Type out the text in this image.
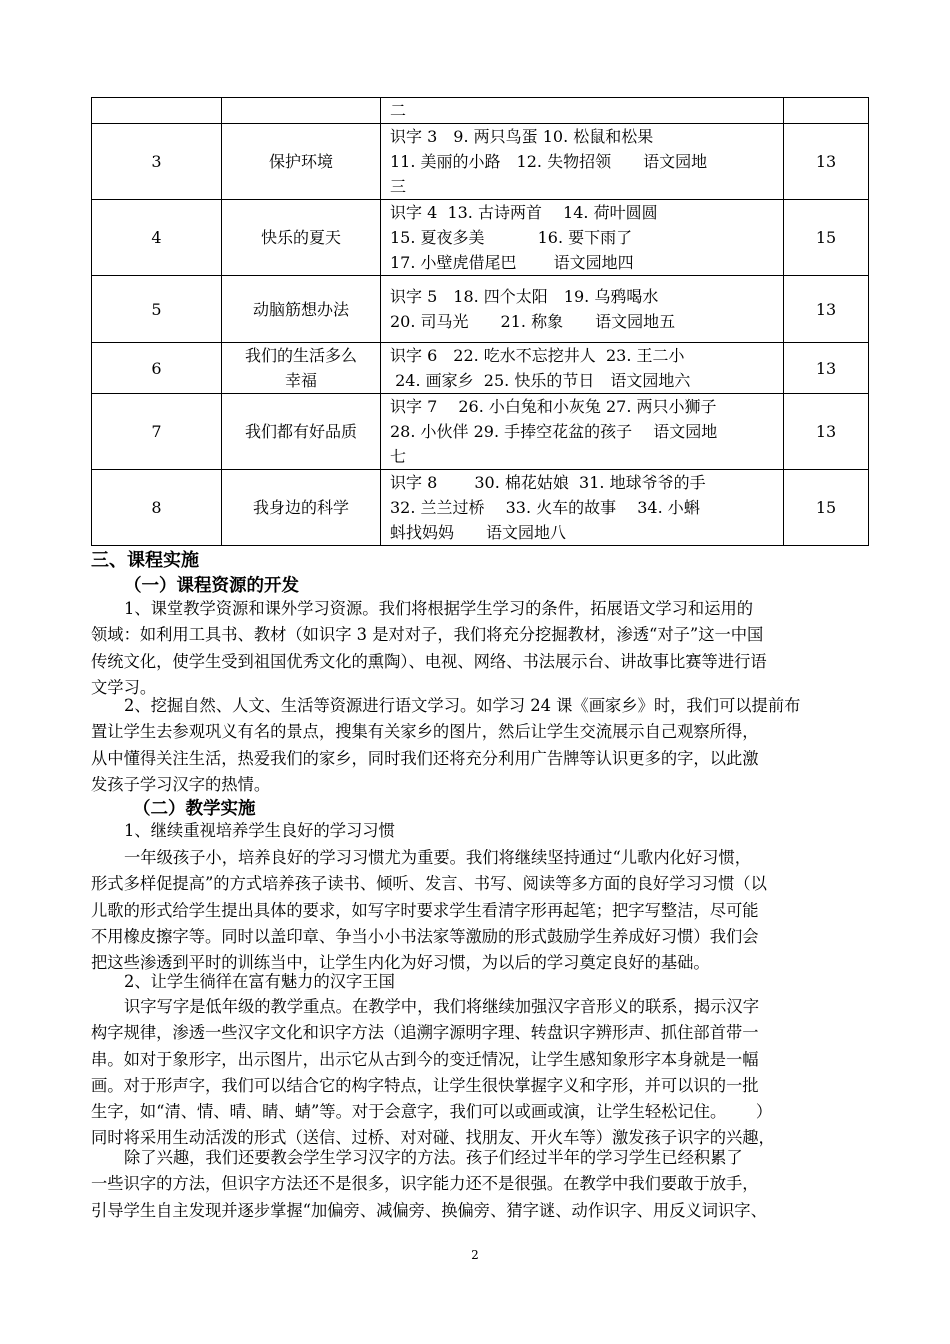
		二	

3	保护环境	识字 3　9. 两只鸟蛋 10. 松鼠和松果
11. 美丽的小路　12. 失物招领　　语文园地
三	13
4	快乐的夏天	识字 4  13. 古诗两首　 14. 荷叶圆圆
15. 夏夜多美　　　 16. 要下雨了
17. 小壁虎借尾巴　　 语文园地四	15
5	动脑筋想办法	识字 5　18. 四个太阳　19. 乌鸦喝水
20. 司马光　　21. 称象　　语文园地五	13
6	我们的生活多么
幸福	识字 6　22. 吃水不忘挖井人  23. 王二小
24. 画家乡  25. 快乐的节日　语文园地六	13
7	我们都有好品质	识字 7　 26. 小白兔和小灰兔 27. 两只小狮子
28. 小伙伴 29. 手捧空花盆的孩子　 语文园地
七	13
8	我身边的科学	识字 8　　 30. 棉花姑娘  31. 地球爷爷的手
32. 兰兰过桥　 33. 火车的故事　 34. 小蝌
蚪找妈妈　　语文园地八	15
三、课程实施
（一）课程资源的开发
1、课堂教学资源和课外学习资源。我们将根据学生学习的条件，拓展语文学习和运用的
领域：如利用工具书、教材（如识字 3 是对对子，我们将充分挖掘教材，渗透“对子”这一中国
传统文化，使学生受到祖国优秀文化的熏陶）、电视、网络、书法展示台、讲故事比赛等进行语
文学习。
2、挖掘自然、人文、生活等资源进行语文学习。如学习 24 课《画家乡》时，我们可以提前布
置让学生去参观巩义有名的景点，搜集有关家乡的图片，然后让学生交流展示自己观察所得，
从中懂得关注生活，热爱我们的家乡，同时我们还将充分利用广告牌等认识更多的字，以此激
发孩子学习汉字的热情。
（二）教学实施
1、继续重视培养学生良好的学习习惯
一年级孩子小，培养良好的学习习惯尤为重要。我们将继续坚持通过“儿歌内化好习惯，
形式多样促提高”的方式培养孩子读书、倾听、发言、书写、阅读等多方面的良好学习习惯（以
儿歌的形式给学生提出具体的要求，如写字时要求学生看清字形再起笔；把字写整洁，尽可能
不用橡皮擦字等。同时以盖印章、争当小小书法家等激励的形式鼓励学生养成好习惯）我们会
把这些渗透到平时的训练当中，让学生内化为好习惯，为以后的学习奠定良好的基础。
2、让学生徜徉在富有魅力的汉字王国
识字写字是低年级的教学重点。在教学中，我们将继续加强汉字音形义的联系，揭示汉字
构字规律，渗透一些汉字文化和识字方法（追溯字源明字理、转盘识字辨形声、抓住部首带一
串。如对于象形字，出示图片，出示它从古到今的变迁情况，让学生感知象形字本身就是一幅
画。对于形声字，我们可以结合它的构字特点，让学生很快掌握字义和字形，并可以识的一批
生字，如“清、情、晴、睛、蜻”等。对于会意字，我们可以或画或演，让学生轻松记住。　　 ）
同时将采用生动活泼的形式（送信、过桥、对对碰、找朋友、开火车等）激发孩子识字的兴趣，
除了兴趣，我们还要教会学生学习汉字的方法。孩子们经过半年的学习学生已经积累了
一些识字的方法，但识字方法还不是很多，识字能力还不是很强。在教学中我们要敢于放手，
引导学生自主发现并逐步掌握“加偏旁、减偏旁、换偏旁、猜字谜、动作识字、用反义词识字、
2
